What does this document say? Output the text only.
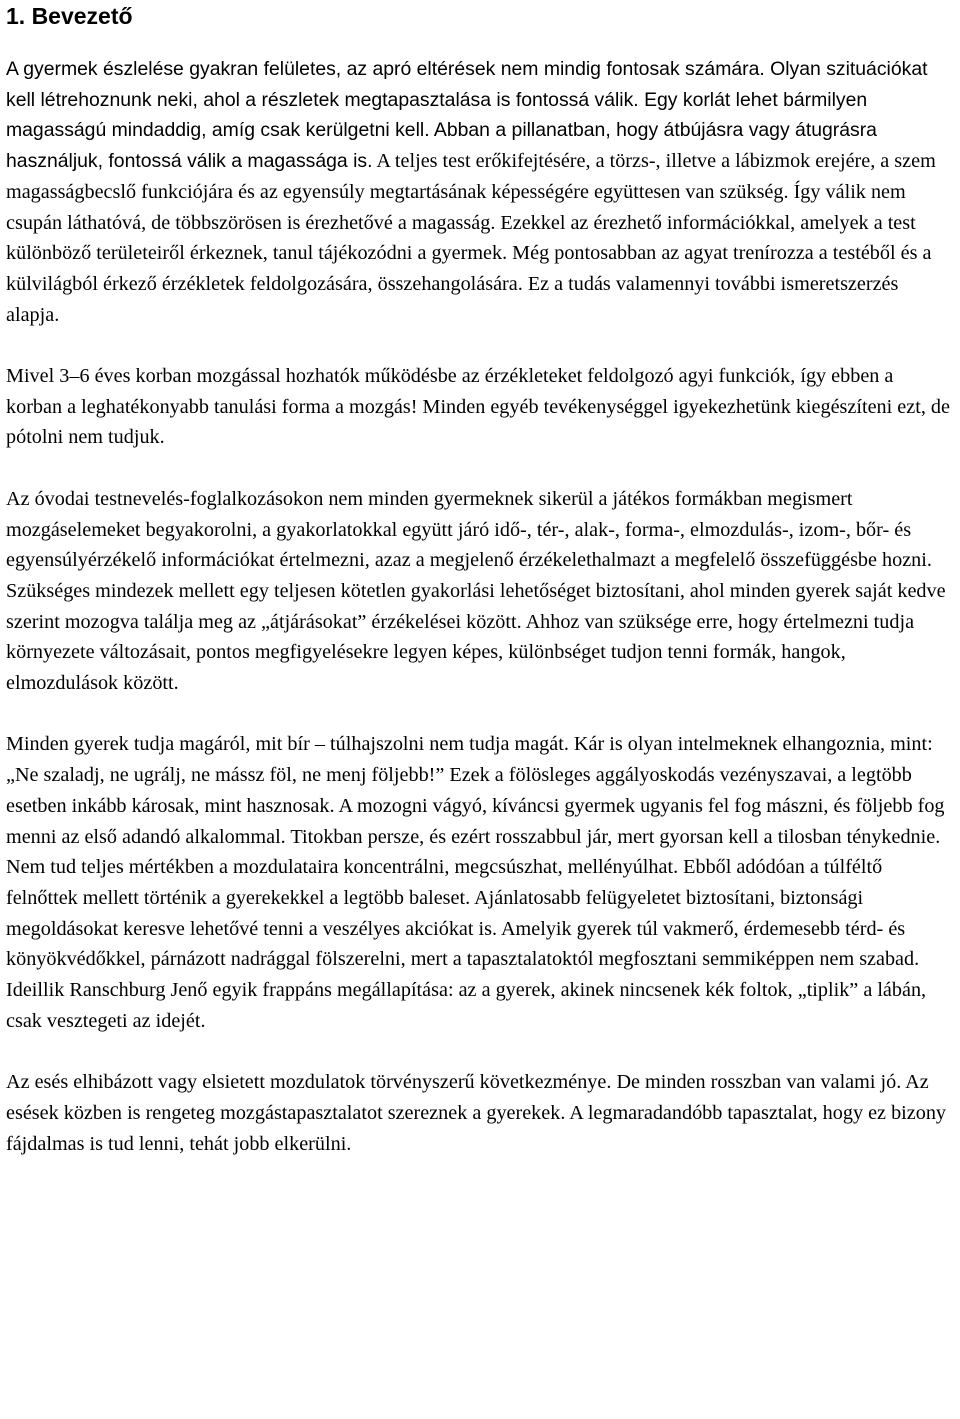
1. Bevezető

A gyermek észlelése gyakran felületes, az apró eltérések nem mindig fontosak számára. Olyan szituációkat kell létrehoznunk neki, ahol a részletek megtapasztalása is fontossá válik. Egy korlát lehet bármilyen magasságú mindaddig, amíg csak kerülgetni kell. Abban a pillanatban, hogy átbújásra vagy átugrásra használjuk, fontossá válik a magassága is. A teljes test erőkifejtésére, a törzs-, illetve a lábizmok erejére, a szem magasságbecslő funkciójára és az egyensúly megtartásának képességére együttesen van szükség. Így válik nem csupán láthatóvá, de többszörösen is érezhetővé a magasság. Ezekkel az érezhető információkkal, amelyek a test különböző területeiről érkeznek, tanul tájékozódni a gyermek. Még pontosabban az agyat trenírozza a testéből és a külvilágból érkező érzékletek feldolgozására, összehangolására. Ez a tudás valamennyi további ismeretszerzés alapja.

Mivel 3–6 éves korban mozgással hozhatók működésbe az érzékleteket feldolgozó agyi funkciók, így ebben a korban a leghatékonyabb tanulási forma a mozgás! Minden egyéb tevékenységgel igyekezhetünk kiegészíteni ezt, de pótolni nem tudjuk.

Az óvodai testnevelés-foglalkozásokon nem minden gyermeknek sikerül a játékos formákban megismert mozgáselemeket begyakorolni, a gyakorlatokkal együtt járó idő-, tér-, alak-, forma-, elmozdulás-, izom-, bőr- és egyensúlyérzékelő információkat értelmezni, azaz a megjelenő érzékelethalmazt a megfelelő összefüggésbe hozni. Szükséges mindezek mellett egy teljesen kötetlen gyakorlási lehetőséget biztosítani, ahol minden gyerek saját kedve szerint mozogva találja meg az „átjárásokat” érzékelései között. Ahhoz van szüksége erre, hogy értelmezni tudja környezete változásait, pontos megfigyelésekre legyen képes, különbséget tudjon tenni formák, hangok, elmozdulások között.

Minden gyerek tudja magáról, mit bír – túlhajszolni nem tudja magát. Kár is olyan intelmeknek elhangoznia, mint: „Ne szaladj, ne ugrálj, ne mássz föl, ne menj följebb!” Ezek a fölösleges aggályoskodás vezényszavai, a legtöbb esetben inkább károsak, mint hasznosak. A mozogni vágyó, kíváncsi gyermek ugyanis fel fog mászni, és följebb fog menni az első adandó alkalommal. Titokban persze, és ezért rosszabbul jár, mert gyorsan kell a tilosban ténykednie. Nem tud teljes mértékben a mozdulataira koncentrálni, megcsúszhat, mellényúlhat. Ebből adódóan a túlféltő felnőttek mellett történik a gyerekekkel a legtöbb baleset. Ajánlatosabb felügyeletet biztosítani, biztonsági megoldásokat keresve lehetővé tenni a veszélyes akciókat is. Amelyik gyerek túl vakmerő, érdemesebb térd- és könyökvédőkkel, párnázott nadrággal fölszerelni, mert a tapasztalatoktól megfosztani semmiképpen nem szabad. Ideillik Ranschburg Jenő egyik frappáns megállapítása: az a gyerek, akinek nincsenek kék foltok, „tiplik” a lábán, csak vesztegeti az idejét.

Az esés elhibázott vagy elsietett mozdulatok törvényszerű következménye. De minden rosszban van valami jó. Az esések közben is rengeteg mozgástapasztalatot szereznek a gyerekek. A legmaradandóbb tapasztalat, hogy ez bizony fájdalmas is tud lenni, tehát jobb elkerülni.
